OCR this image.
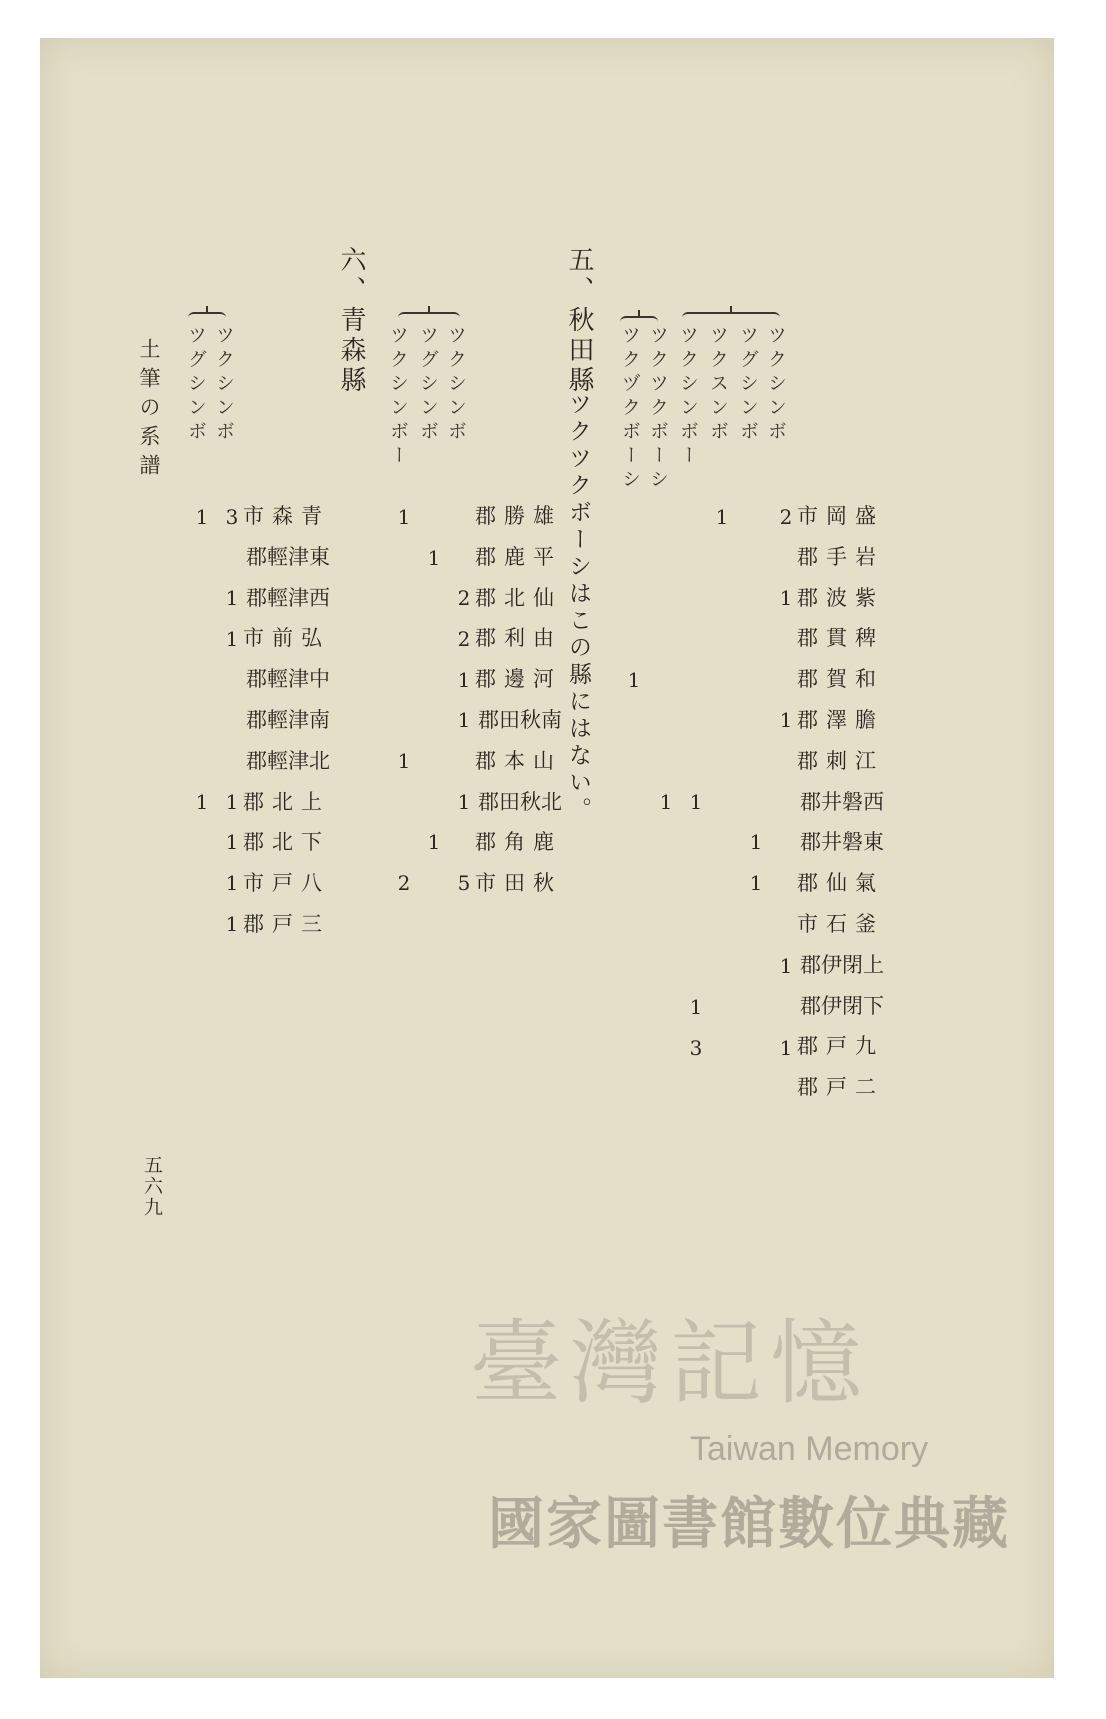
ツクシンボ
ツグシンボ
ツクスンボ
ツクシンボー
ツクツクボーシ
ツクヅクボーシ
五、秋田縣
ツクツクボーシはこの縣にはない。
ツクシンボ
ツグシンボ
ツクシンボー
六、青森縣
ツクシンボ
ツグシンボ
土筆の系譜
五六九
2
1
1
1
1
1 1
1
1
1
1
3	1
1
1
2
2
1
1
1
1
1
2 5
3
1
1
1
1 1
1
1
1
臺灣記憶
Taiwan Memory
國家圖書館數位典藏
盛岡市
岩手郡
紫波郡
稗貫郡
和賀郡
膽澤郡
江刺郡
西磐井郡
東磐井郡
氣仙郡
釜石市
上閉伊郡
下閉伊郡
九戸郡
二戸郡
雄勝郡
平鹿郡
仙北郡
由利郡
河邊郡
南秋田郡
山本郡
北秋田郡
鹿角郡
秋田市
青森市
東津輕郡
西津輕郡
弘前市
中津輕郡
南津輕郡
北津輕郡
上北郡
下北郡
八戸市
三戸郡
